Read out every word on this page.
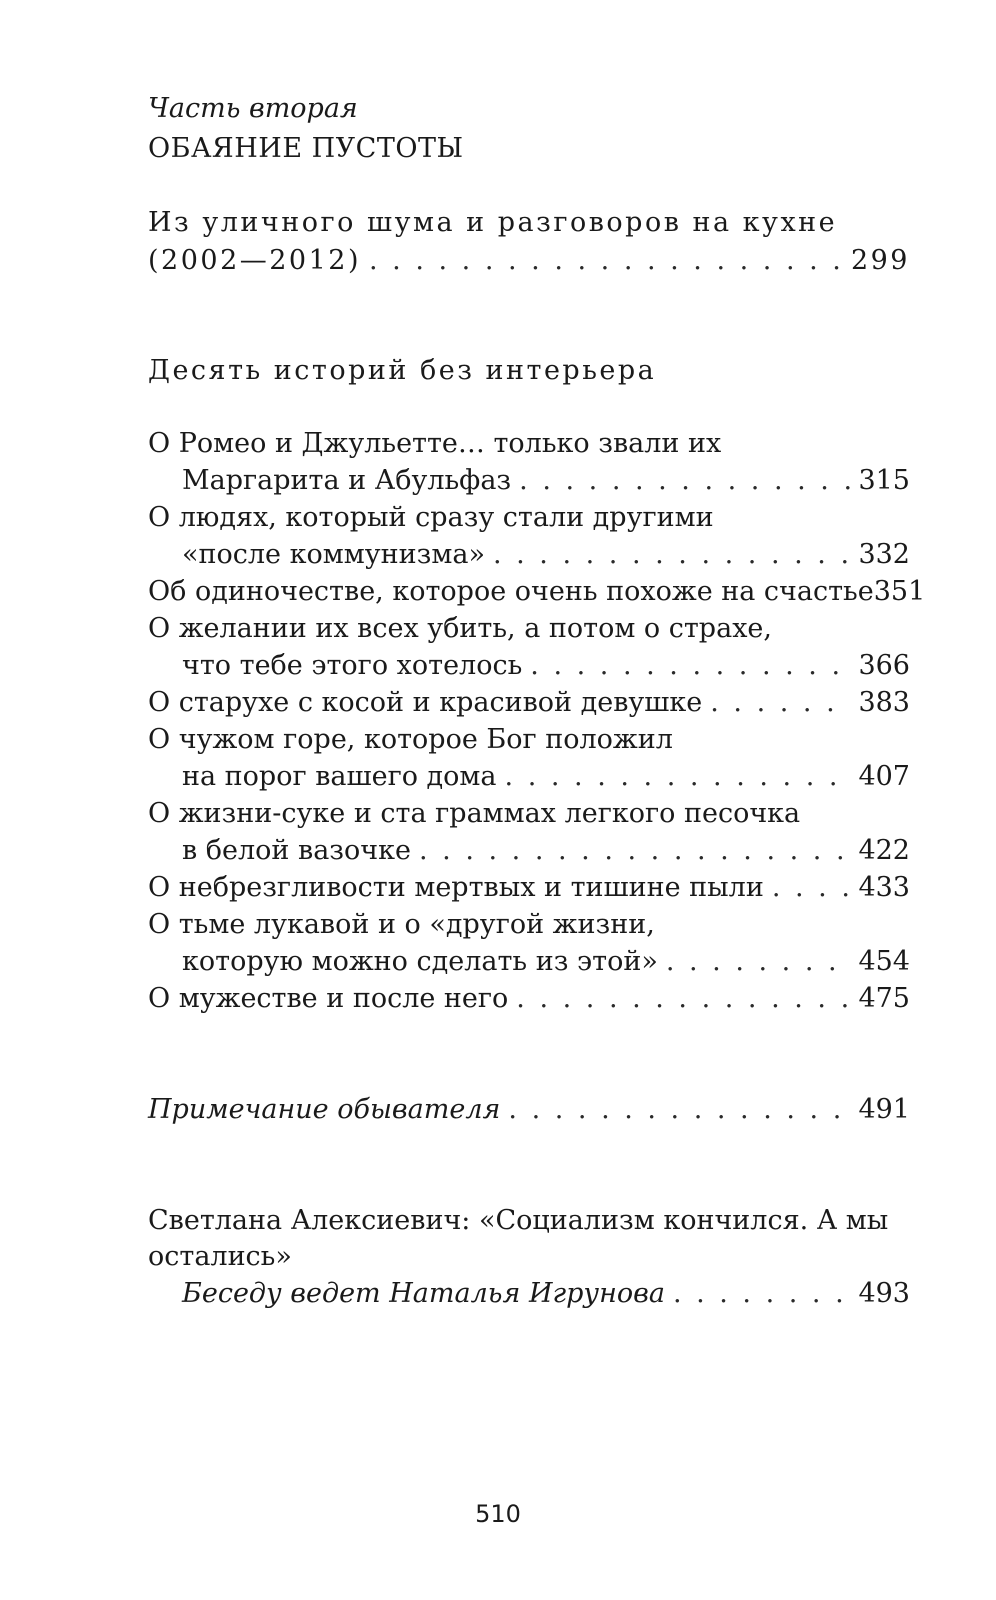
Часть вторая
ОБАЯНИЕ ПУСТОТЫ
Из уличного шума и разговоров на кухне
(2002—2012) . . .	299
Десять историй без интерьера
О Ромео и Джульетте… только звали их
Маргарита и Абульфаз . . .	315
О людях, который сразу стали другими
«после коммунизма» . . .	332
Об одиночестве, которое очень похоже на счастье 351
О желании их всех убить, а потом о страхе,
что тебе этого хотелось . . .	366
О старухе с косой и красивой девушке . . .	383
О чужом горе, которое Бог положил
на порог вашего дома . . .	407
О жизни-суке и ста граммах легкого песочка
в белой вазочке . . .	422
О небрезгливости мертвых и тишине пыли . . .	433
О тьме лукавой и о «другой жизни,
которую можно сделать из этой» . . .	454
О мужестве и после него . . .	475
Примечание обывателя . . .	491
Светлана Алексиевич: «Социализм кончился. А мы
остались»
Беседу ведет Наталья Игрунова . . .	493
510
